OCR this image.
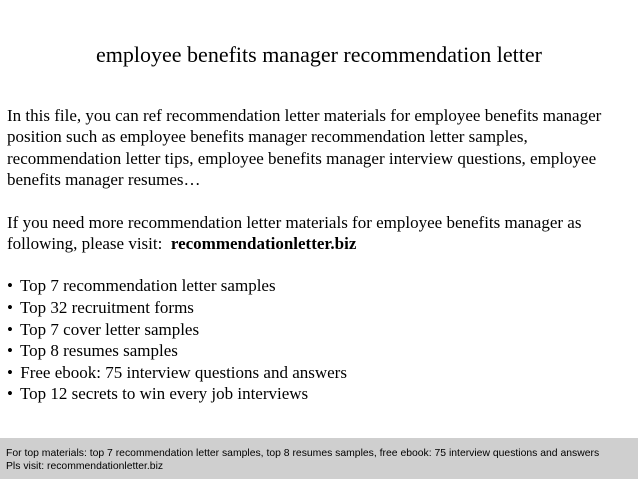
employee benefits manager recommendation letter

In this file, you can ref recommendation letter materials for employee benefits manager position such as employee benefits manager recommendation letter samples, recommendation letter tips, employee benefits manager interview questions, employee benefits manager resumes…

If you need more recommendation letter materials for employee benefits manager as following, please visit: recommendationletter.biz

• Top 7 recommendation letter samples
• Top 32 recruitment forms
• Top 7 cover letter samples
• Top 8 resumes samples
• Free ebook: 75 interview questions and answers
• Top 12 secrets to win every job interviews
For top materials: top 7 recommendation letter samples, top 8 resumes samples, free ebook: 75 interview questions and answers
Pls visit: recommendationletter.biz
